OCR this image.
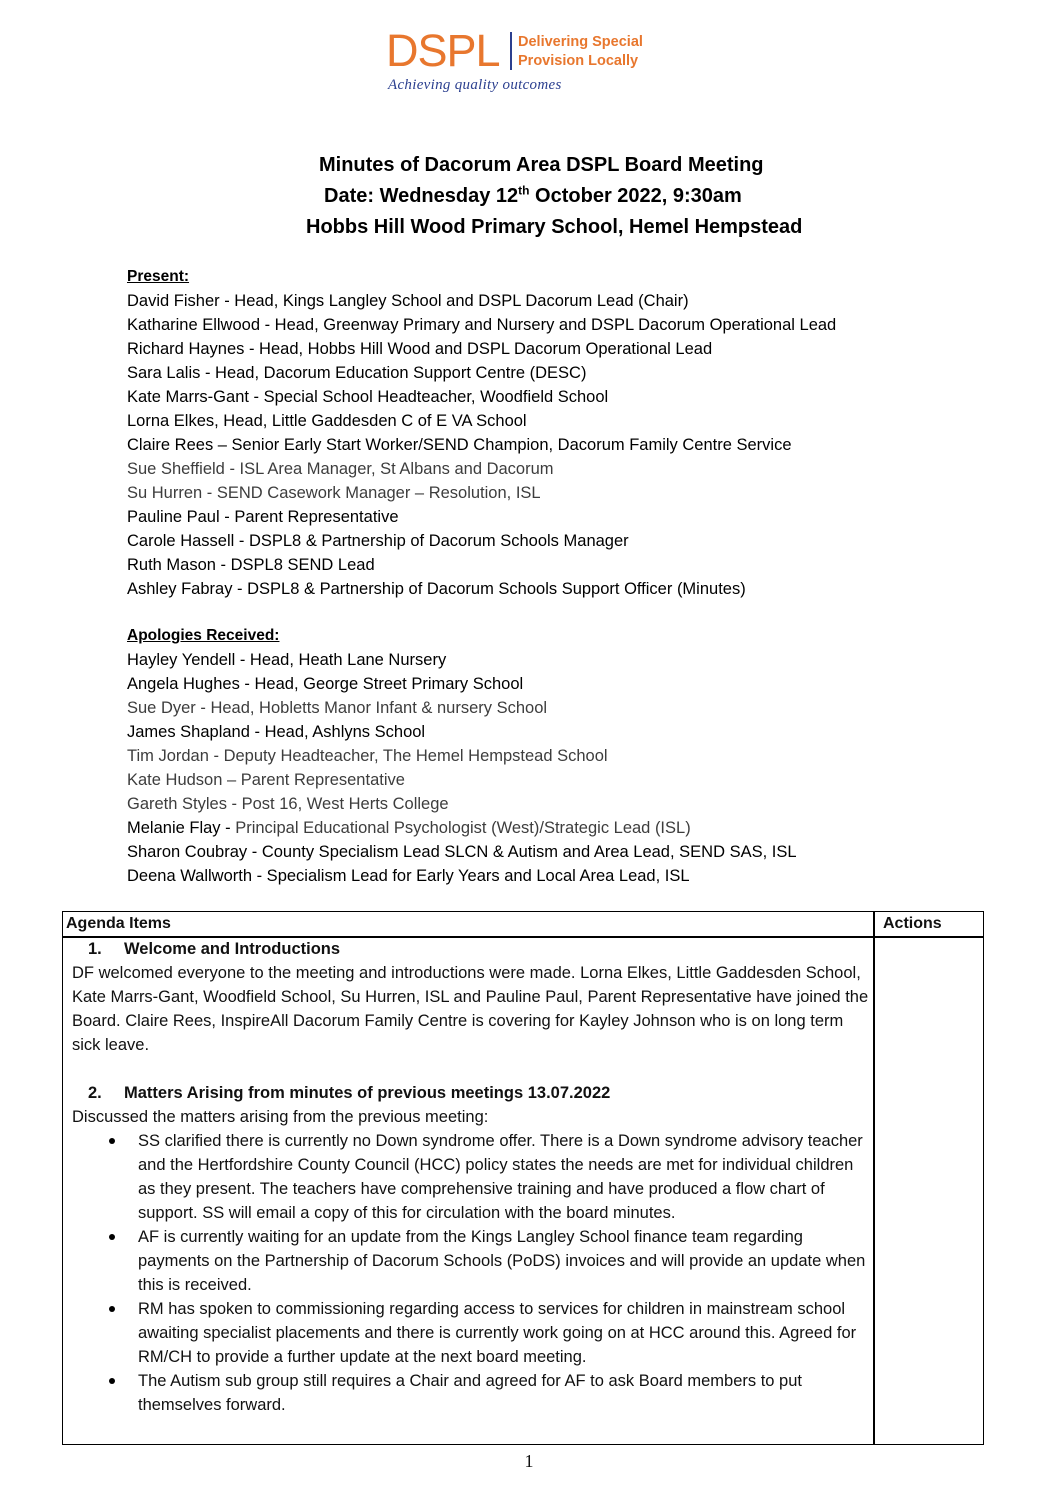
DSPL Delivering Special
Provision Locally
Achieving quality outcomes
Minutes of Dacorum Area DSPL Board Meeting
Date: Wednesday 12th October 2022, 9:30am
Hobbs Hill Wood Primary School, Hemel Hempstead
Present:
David Fisher - Head, Kings Langley School and DSPL Dacorum Lead (Chair)
Katharine Ellwood - Head, Greenway Primary and Nursery and DSPL Dacorum Operational Lead
Richard Haynes - Head, Hobbs Hill Wood and DSPL Dacorum Operational Lead
Sara Lalis - Head, Dacorum Education Support Centre (DESC)
Kate Marrs-Gant - Special School Headteacher, Woodfield School
Lorna Elkes, Head, Little Gaddesden C of E VA School
Claire Rees – Senior Early Start Worker/SEND Champion, Dacorum Family Centre Service
Sue Sheffield - ISL Area Manager, St Albans and Dacorum
Su Hurren - SEND Casework Manager – Resolution, ISL
Pauline Paul - Parent Representative
Carole Hassell - DSPL8 & Partnership of Dacorum Schools Manager
Ruth Mason - DSPL8 SEND Lead
Ashley Fabray - DSPL8 & Partnership of Dacorum Schools Support Officer (Minutes)
Apologies Received:
Hayley Yendell - Head, Heath Lane Nursery
Angela Hughes - Head, George Street Primary School
Sue Dyer - Head, Hobletts Manor Infant & nursery School
James Shapland - Head, Ashlyns School
Tim Jordan - Deputy Headteacher, The Hemel Hempstead School
Kate Hudson – Parent Representative
Gareth Styles - Post 16, West Herts College
Melanie Flay - Principal Educational Psychologist (West)/Strategic Lead (ISL)
Sharon Coubray - County Specialism Lead SLCN & Autism and Area Lead, SEND SAS, ISL
Deena Wallworth - Specialism Lead for Early Years and Local Area Lead, ISL
Agenda Items	Actions
1. Welcome and Introductions

DF welcomed everyone to the meeting and introductions were made. Lorna Elkes, Little Gaddesden School, Kate Marrs-Gant, Woodfield School, Su Hurren, ISL and Pauline Paul, Parent Representative have joined the Board. Claire Rees, InspireAll Dacorum Family Centre is covering for Kayley Johnson who is on long term sick leave.

2. Matters Arising from minutes of previous meetings 13.07.2022

Discussed the matters arising from the previous meeting:

SS clarified there is currently no Down syndrome offer. There is a Down syndrome advisory teacher and the Hertfordshire County Council (HCC) policy states the needs are met for individual children as they present. The teachers have comprehensive training and have produced a flow chart of support. SS will email a copy of this for circulation with the board minutes.
AF is currently waiting for an update from the Kings Langley School finance team regarding payments on the Partnership of Dacorum Schools (PoDS) invoices and will provide an update when this is received.
RM has spoken to commissioning regarding access to services for children in mainstream school awaiting specialist placements and there is currently work going on at HCC around this. Agreed for RM/CH to provide a further update at the next board meeting.
The Autism sub group still requires a Chair and agreed for AF to ask Board members to put themselves forward.
1
